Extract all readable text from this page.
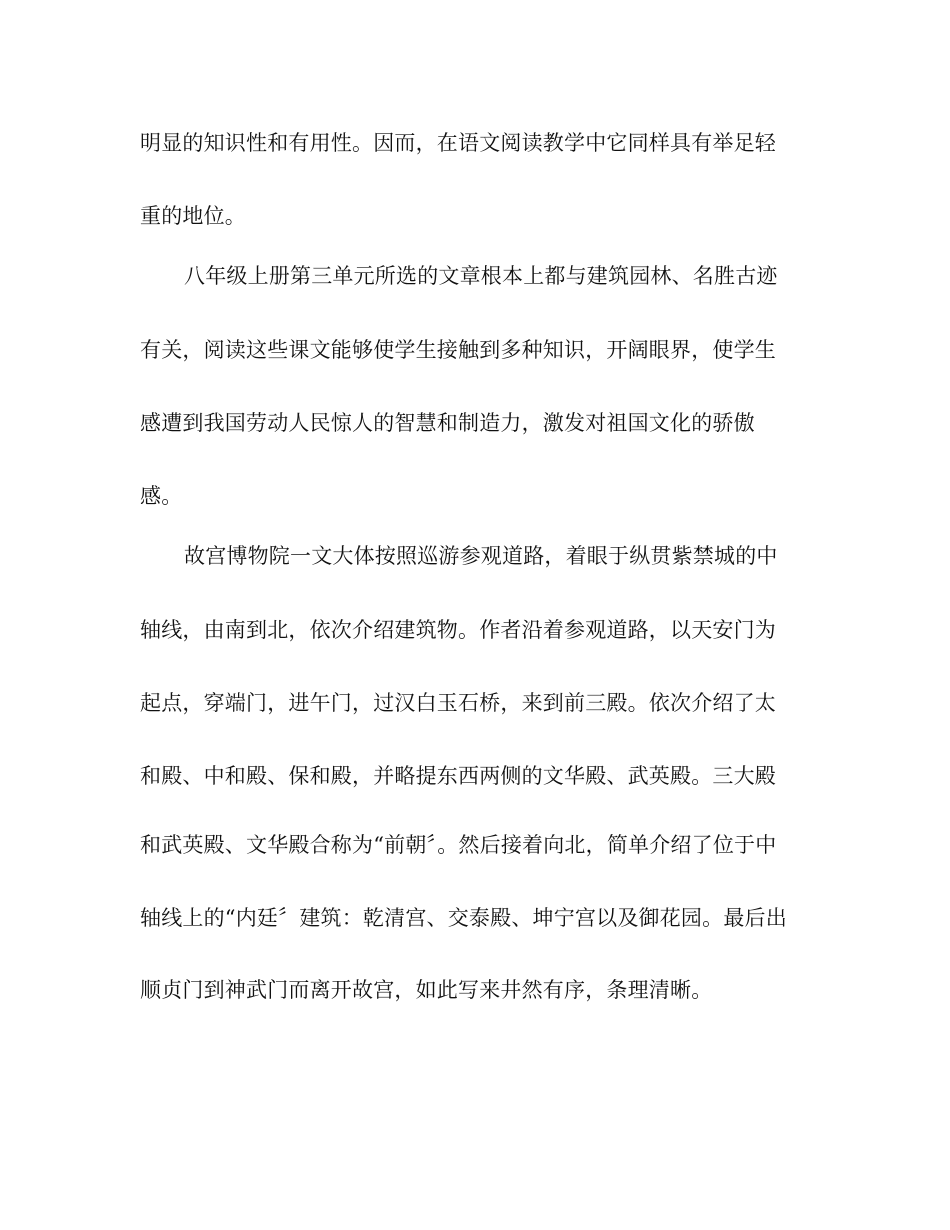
明显的知识性和有用性。因而，在语文阅读教学中它同样具有举足轻
重的地位。
八年级上册第三单元所选的文章根本上都与建筑园林、名胜古迹
有关，阅读这些课文能够使学生接触到多种知识，开阔眼界，使学生
感遭到我国劳动人民惊人的智慧和制造力，激发对祖国文化的骄傲
感。
故宫博物院一文大体按照巡游参观道路，着眼于纵贯紫禁城的中
轴线，由南到北，依次介绍建筑物。作者沿着参观道路，以天安门为
起点，穿端门，进午门，过汉白玉石桥，来到前三殿。依次介绍了太
和殿、中和殿、保和殿，并略提东西两侧的文华殿、武英殿。三大殿
和武英殿、文华殿合称为“前朝〞。然后接着向北，简单介绍了位于中
轴线上的“内廷〞建筑：乾清宫、交泰殿、坤宁宫以及御花园。最后出
顺贞门到神武门而离开故宫，如此写来井然有序，条理清晰。
